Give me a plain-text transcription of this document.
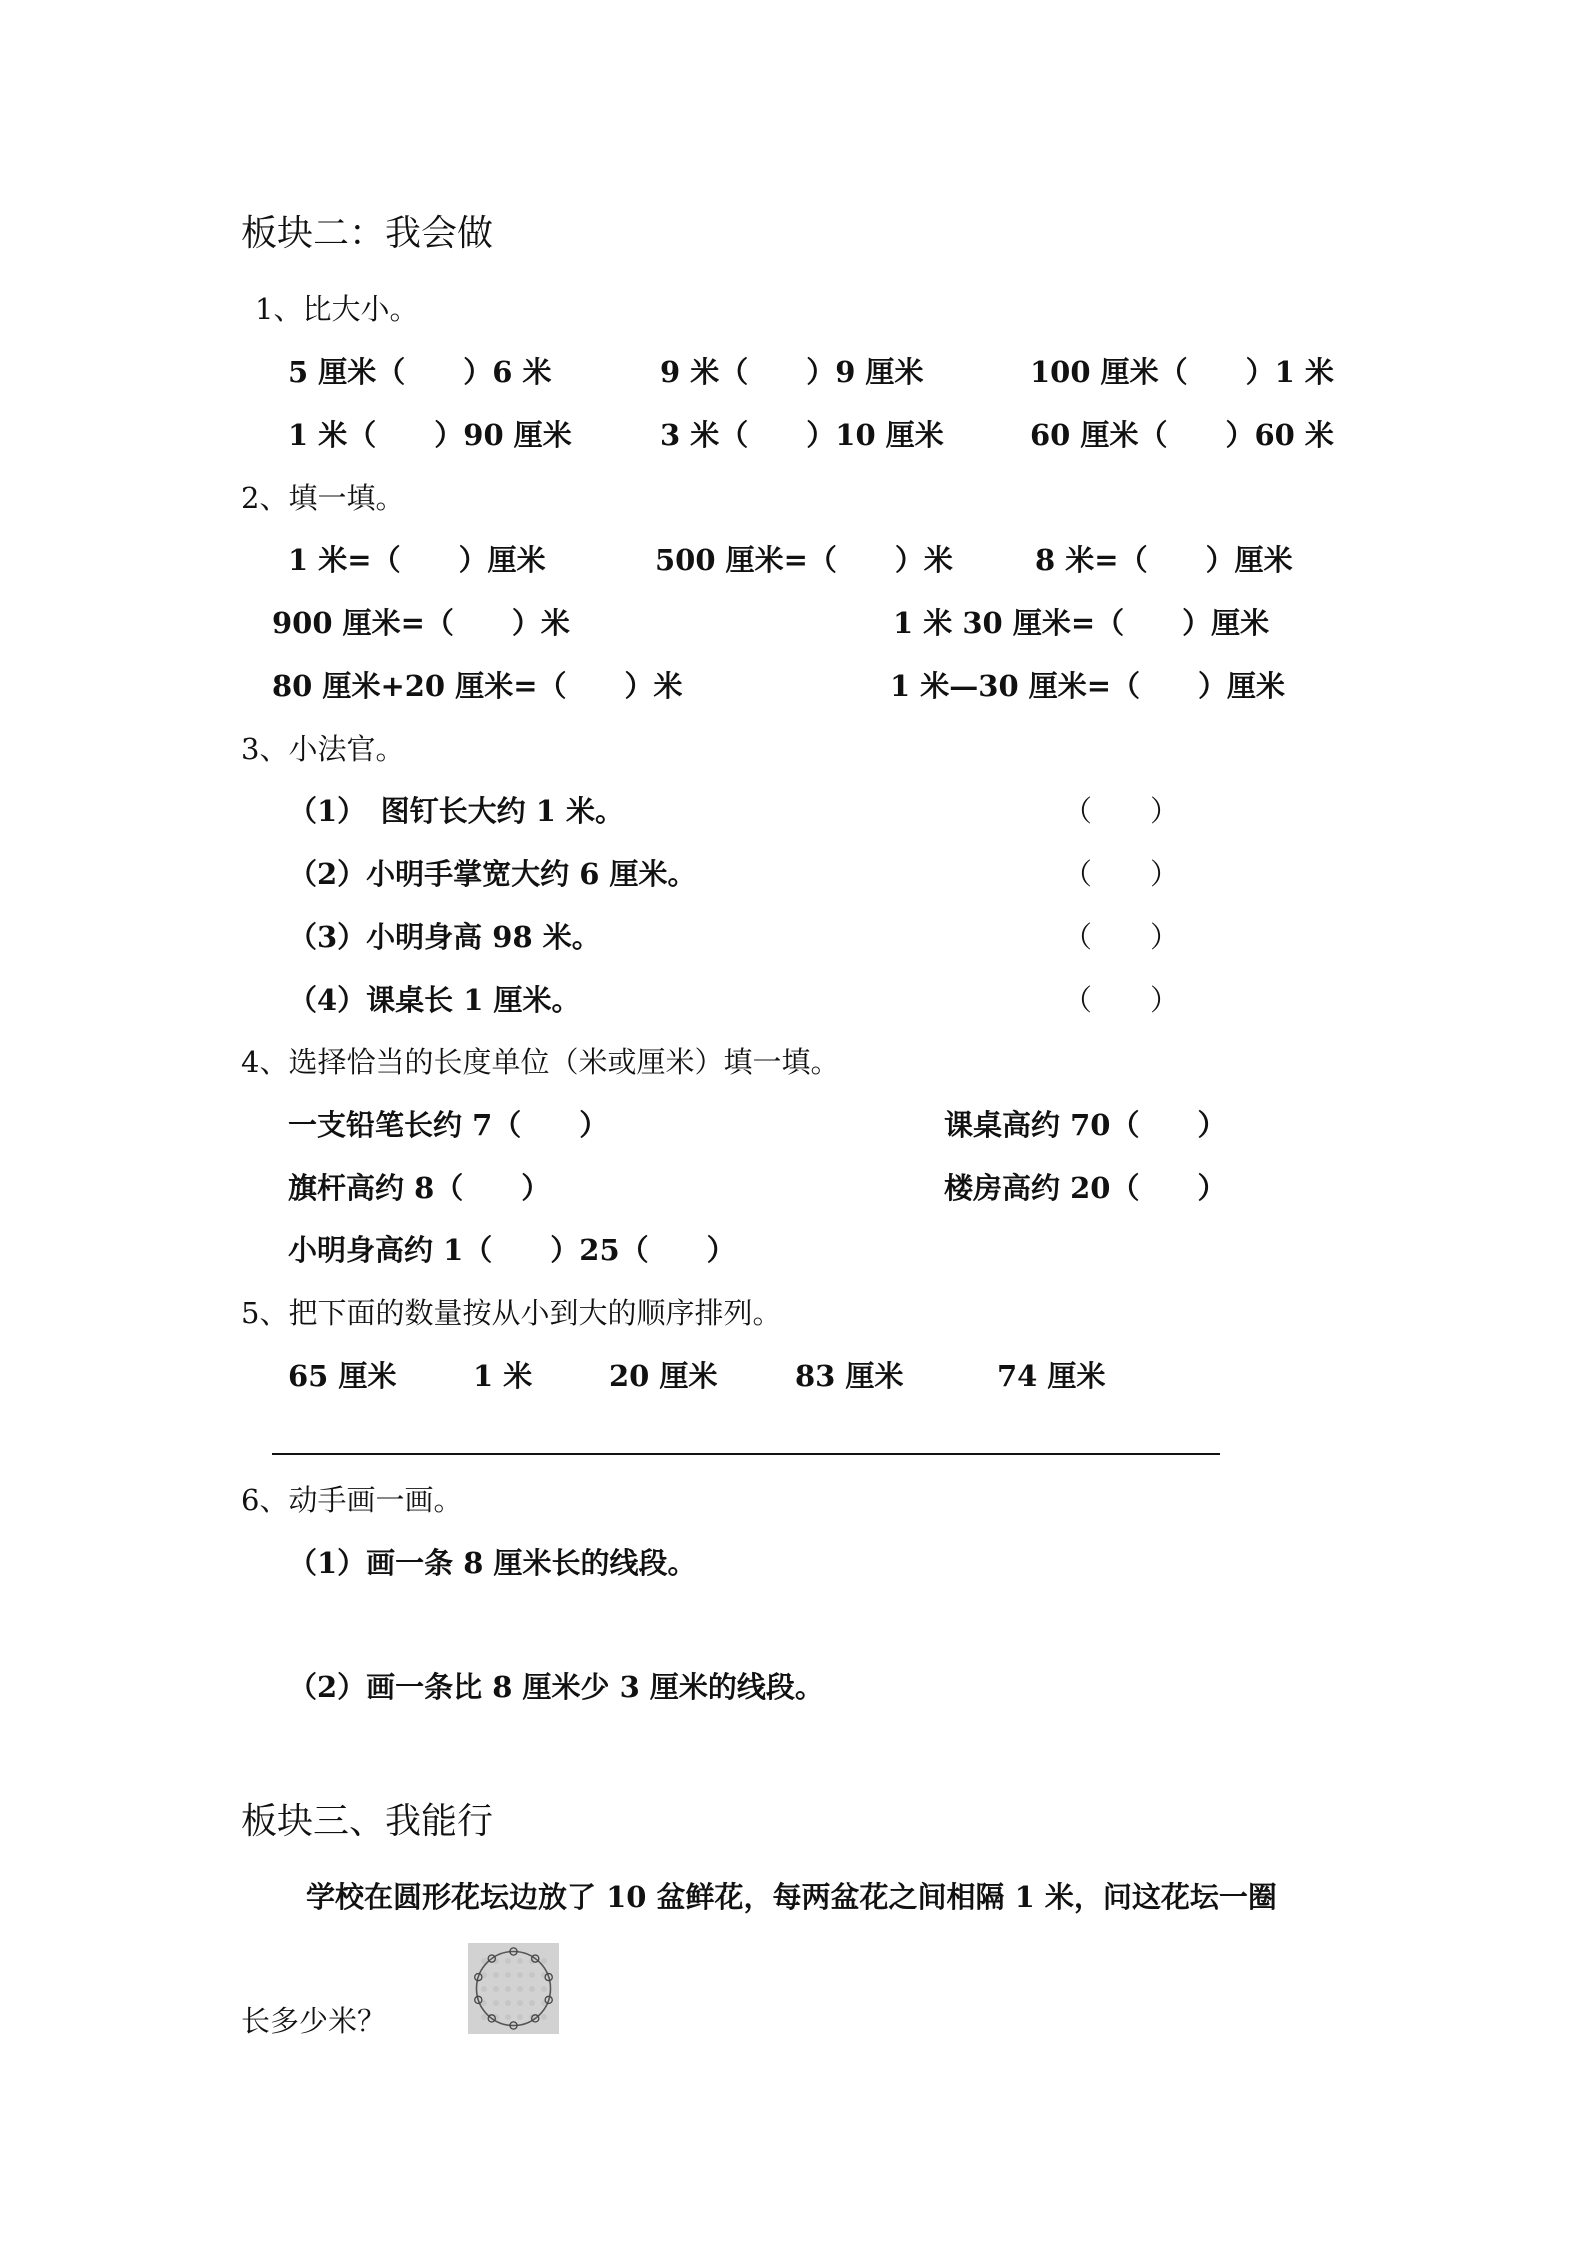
板块二：我会做
1、比大小。
5 厘米（　　）6 米	9 米（　　）9 厘米	100 厘米（　　）1 米
1 米（　　）90 厘米	3 米（　　）10 厘米	60 厘米（　　）60 米
2、填一填。
1 米=（　　）厘米	500 厘米=（　　）米	8 米=（　　）厘米
900 厘米=（　　）米	1 米 30 厘米=（　　）厘米
80 厘米+20 厘米=（　　）米	1 米—30 厘米=（　　）厘米
3、小法官。
（1）　图钉长大约 1 米。	（　　）
（2）小明手掌宽大约 6 厘米。	（　　）
（3）小明身高 98 米。	（　　）
（4）课桌长 1 厘米。	（　　）
4、选择恰当的长度单位（米或厘米）填一填。
一支铅笔长约 7（　　）	课桌高约 70（　　）
旗杆高约 8（　　）	楼房高约 20（　　）
小明身高约 1（　　）25（　　）
5、把下面的数量按从小到大的顺序排列。
65 厘米	1 米	20 厘米	83 厘米	74 厘米
6、动手画一画。
（1）画一条 8 厘米长的线段。
（2）画一条比 8 厘米少 3 厘米的线段。
板块三、我能行
学校在圆形花坛边放了 10 盆鲜花，每两盆花之间相隔 1 米，问这花坛一圈
长多少米？
